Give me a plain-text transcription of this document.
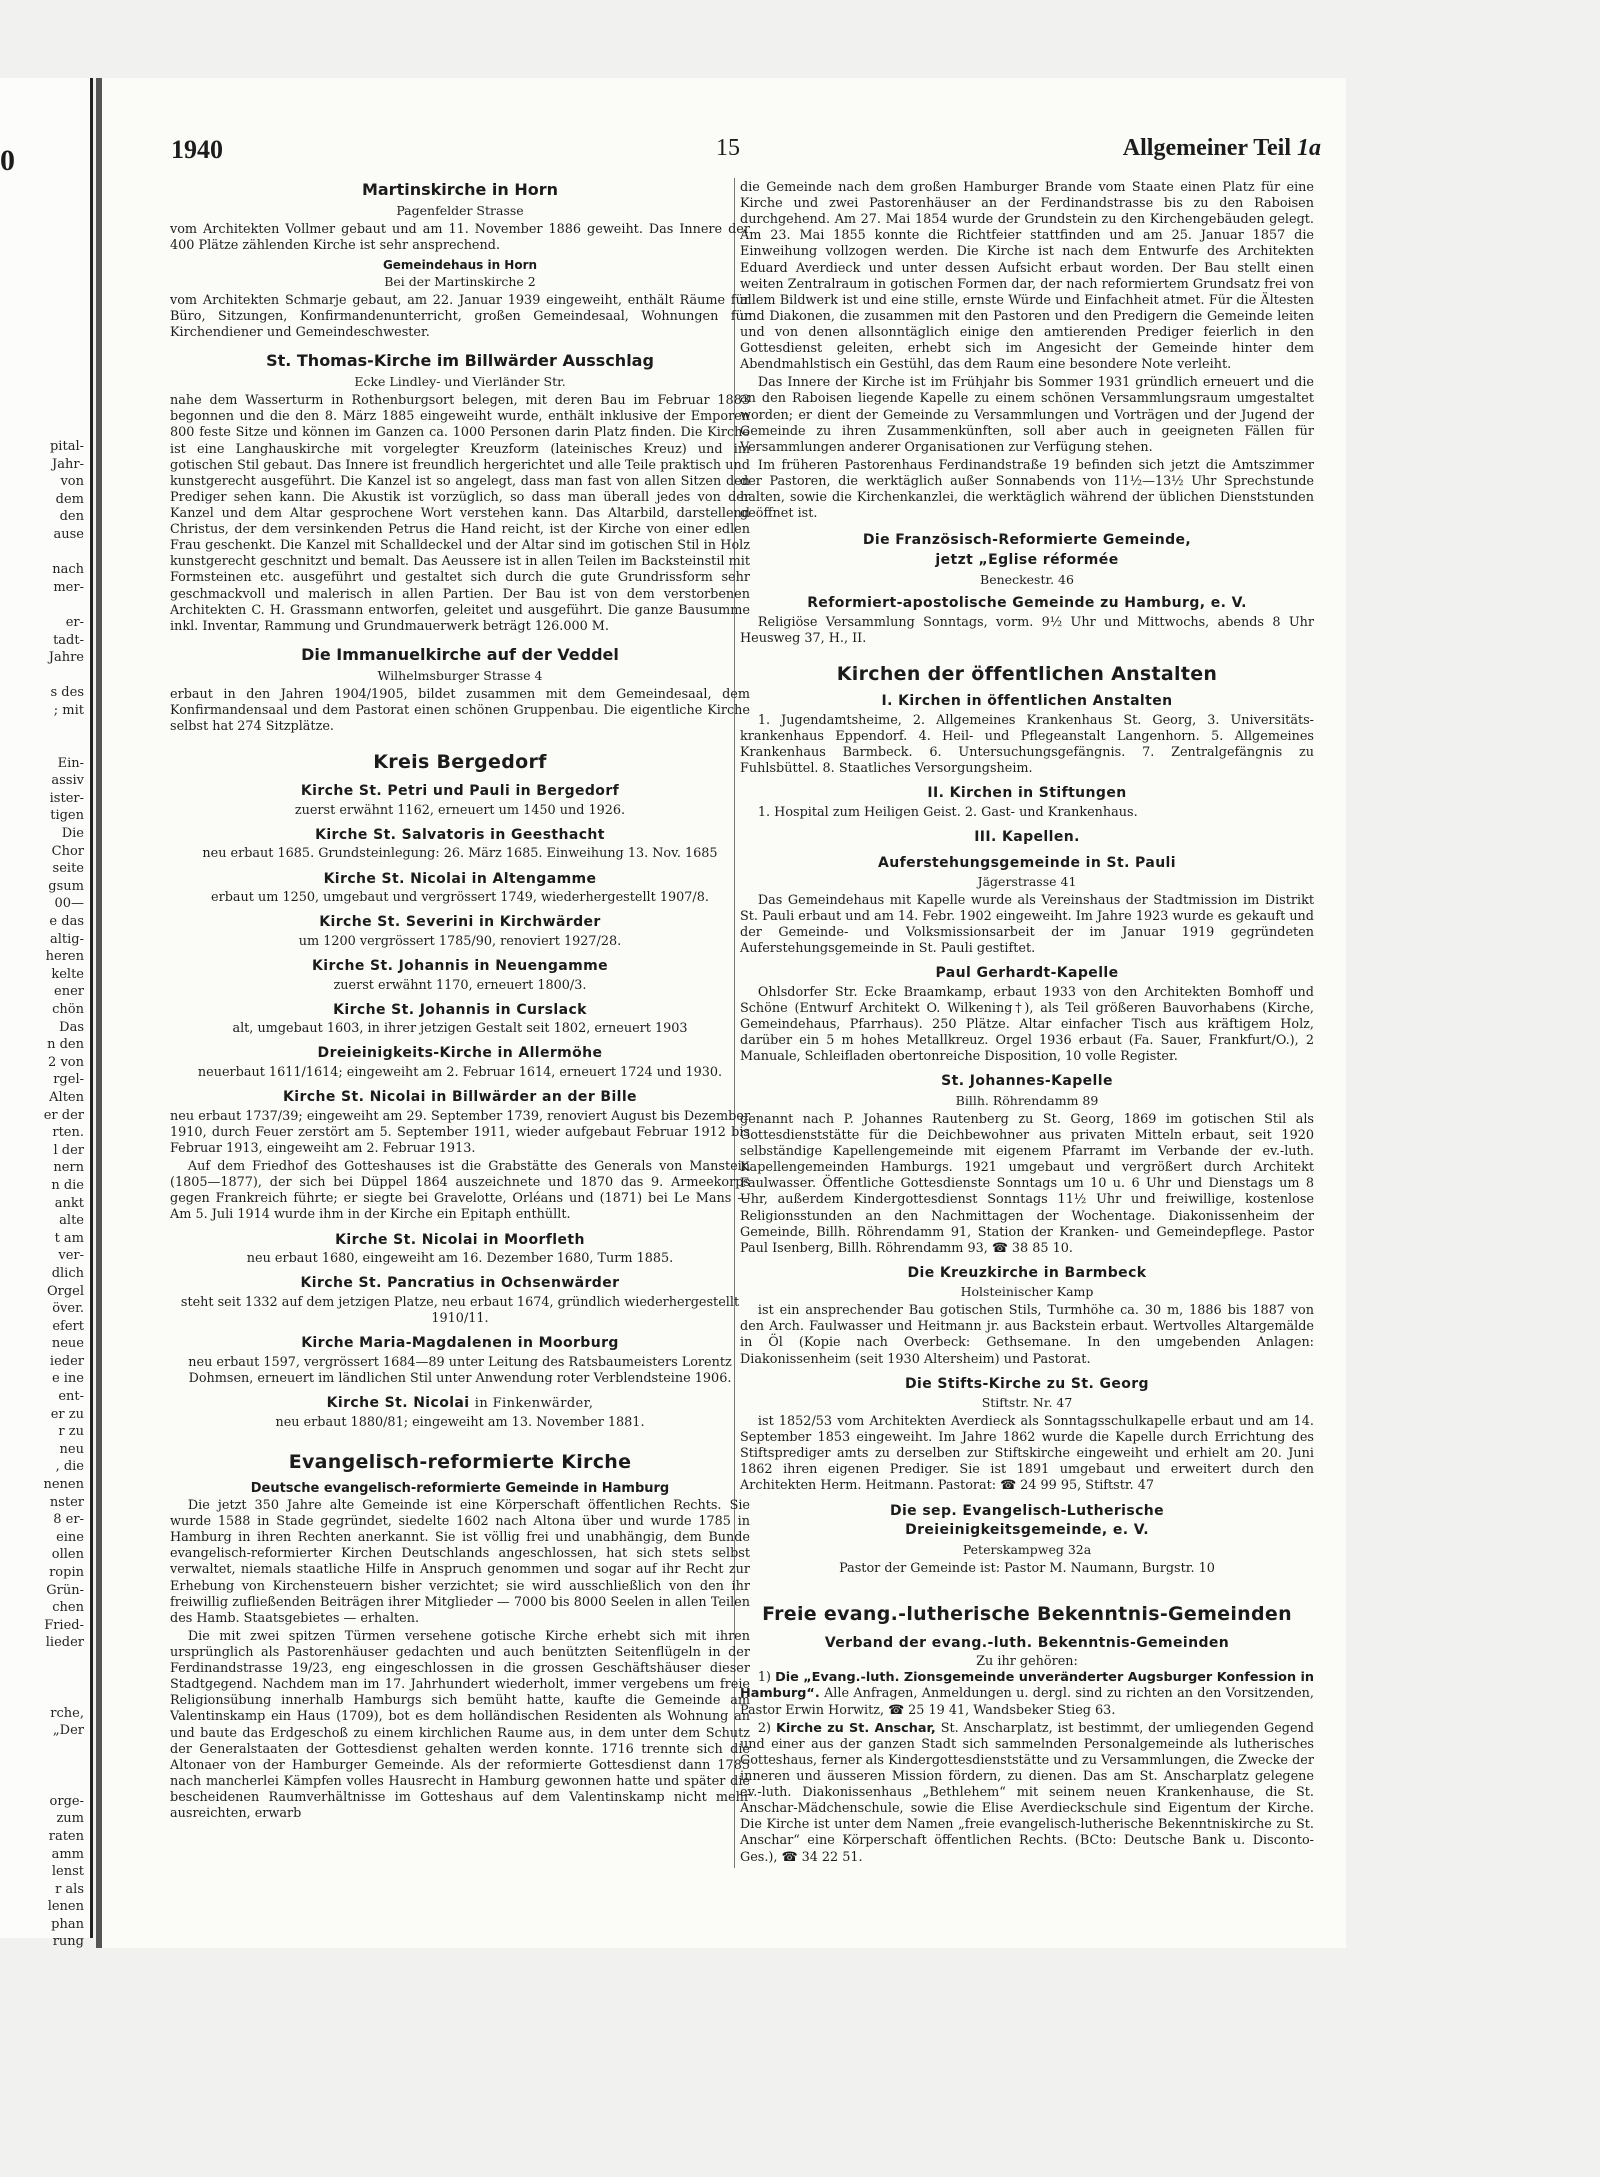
0
pital-
Jahr-
von
dem
den
ause

nach
mer-

er-
tadt-
Jahre

s des
; mit

Ein-
assiv
ister-
tigen
Die
Chor
seite
gsum
00—
e das
altig-
heren
kelte
ener
chön
Das
n den
2 von
rgel-
Alten
er der
rten.
l der
nern
n die
ankt
alte
t am
ver-
dlich
Orgel
över.
efert
neue
ieder
e ine
ent-
er zu
r zu
neu
, die
nenen
nster
8 er-
eine
ollen
ropin
Grün-
chen
Fried-
lieder

rche,
„Der

orge-
zum
raten
amm
lenst
r als
lenen
phan
rung
1940	15	Allgemeiner Teil 1a
Martinskirche in Horn
Pagenfelder Strasse

vom Architekten Vollmer gebaut und am 11. November 1886 geweiht. Das Innere der 400 Plätze zählenden Kirche ist sehr ansprechend.

Gemeindehaus in Horn
Bei der Martinskirche 2

vom Architekten Schmarje gebaut, am 22. Januar 1939 eingeweiht, enthält Räume für Büro, Sitzungen, Konfirmandenunterricht, großen Gemeindesaal, Wohnungen für Kirchendiener und Gemeindeschwester.

St. Thomas-Kirche im Billwärder Ausschlag
Ecke Lindley- und Vierländer Str.

nahe dem Wasserturm in Rothenburgsort belegen, mit deren Bau im Februar 1883 begonnen und die den 8. März 1885 eingeweiht wurde, enthält inklusive der Emporen 800 feste Sitze und können im Ganzen ca. 1000 Personen darin Platz finden. Die Kirche ist eine Langhauskirche mit vorgelegter Kreuzform (lateinisches Kreuz) und im gotischen Stil gebaut. Das Innere ist freundlich hergerichtet und alle Teile praktisch und kunstgerecht ausgeführt. Die Kanzel ist so angelegt, dass man fast von allen Sitzen den Prediger sehen kann. Die Akustik ist vorzüglich, so dass man überall jedes von der Kanzel und dem Altar gesprochene Wort verstehen kann. Das Altarbild, darstellend Christus, der dem versinkenden Petrus die Hand reicht, ist der Kirche von einer edlen Frau geschenkt. Die Kanzel mit Schalldeckel und der Altar sind im gotischen Stil in Holz kunstgerecht geschnitzt und bemalt. Das Aeussere ist in allen Teilen im Backsteinstil mit Formsteinen etc. ausgeführt und gestaltet sich durch die gute Grundrissform sehr geschmackvoll und malerisch in allen Partien. Der Bau ist von dem verstorbenen Architekten C. H. Grassmann entworfen, geleitet und ausgeführt. Die ganze Bausumme inkl. Inventar, Rammung und Grundmauerwerk beträgt 126.000 M.

Die Immanuelkirche auf der Veddel
Wilhelmsburger Strasse 4

erbaut in den Jahren 1904/1905, bildet zusammen mit dem Gemeindesaal, dem Konfirmandensaal und dem Pastorat einen schönen Gruppenbau. Die eigentliche Kirche selbst hat 274 Sitzplätze.

Kreis Bergedorf
Kirche St. Petri und Pauli in Bergedorf
zuerst erwähnt 1162, erneuert um 1450 und 1926.
Kirche St. Salvatoris in Geesthacht
neu erbaut 1685. Grundsteinlegung: 26. März 1685. Einweihung 13. Nov. 1685
Kirche St. Nicolai in Altengamme
erbaut um 1250, umgebaut und vergrössert 1749, wiederhergestellt 1907/8.
Kirche St. Severini in Kirchwärder
um 1200 vergrössert 1785/90, renoviert 1927/28.
Kirche St. Johannis in Neuengamme
zuerst erwähnt 1170, erneuert 1800/3.
Kirche St. Johannis in Curslack
alt, umgebaut 1603, in ihrer jetzigen Gestalt seit 1802, erneuert 1903
Dreieinigkeits-Kirche in Allermöhe
neuerbaut 1611/1614; eingeweiht am 2. Februar 1614, erneuert 1724 und 1930.
Kirche St. Nicolai in Billwärder an der Bille

neu erbaut 1737/39; eingeweiht am 29. September 1739, renoviert August bis Dezember 1910, durch Feuer zerstört am 5. September 1911, wieder aufgebaut Februar 1912 bis Februar 1913, eingeweiht am 2. Februar 1913.

Auf dem Friedhof des Gotteshauses ist die Grabstätte des Generals von Manstein (1805—1877), der sich bei Düppel 1864 auszeichnete und 1870 das 9. Armeekorps gegen Frankreich führte; er siegte bei Gravelotte, Orléans und (1871) bei Le Mans — Am 5. Juli 1914 wurde ihm in der Kirche ein Epitaph enthüllt.

Kirche St. Nicolai in Moorfleth
neu erbaut 1680, eingeweiht am 16. Dezember 1680, Turm 1885.
Kirche St. Pancratius in Ochsenwärder
steht seit 1332 auf dem jetzigen Platze, neu erbaut 1674, gründlich wiederhergestellt 1910/11.
Kirche Maria-Magdalenen in Moorburg
neu erbaut 1597, vergrössert 1684—89 unter Leitung des Ratsbaumeisters Lorentz Dohmsen, erneuert im ländlichen Stil unter Anwendung roter Verblendsteine 1906.
Kirche St. Nicolai in Finkenwärder,
neu erbaut 1880/81; eingeweiht am 13. November 1881.
Evangelisch-reformierte Kirche
Deutsche evangelisch-reformierte Gemeinde in Hamburg

Die jetzt 350 Jahre alte Gemeinde ist eine Körperschaft öffentlichen Rechts. Sie wurde 1588 in Stade gegründet, siedelte 1602 nach Altona über und wurde 1785 in Hamburg in ihren Rechten anerkannt. Sie ist völlig frei und unabhängig, dem Bunde evangelisch-reformierter Kirchen Deutschlands angeschlossen, hat sich stets selbst verwaltet, niemals staatliche Hilfe in Anspruch genommen und sogar auf ihr Recht zur Erhebung von Kirchensteuern bisher verzichtet; sie wird ausschließlich von den ihr freiwillig zufließenden Beiträgen ihrer Mitglieder — 7000 bis 8000 Seelen in allen Teilen des Hamb. Staatsgebietes — erhalten.

Die mit zwei spitzen Türmen versehene gotische Kirche erhebt sich mit ihren ursprünglich als Pastorenhäuser gedachten und auch benützten Seitenflügeln in der Ferdinandstrasse 19/23, eng eingeschlossen in die grossen Geschäftshäuser dieser Stadtgegend. Nachdem man im 17. Jahrhundert wiederholt, immer vergebens um freie Religionsübung innerhalb Hamburgs sich bemüht hatte, kaufte die Gemeinde am Valentinskamp ein Haus (1709), bot es dem holländischen Residenten als Wohnung an und baute das Erdgeschoß zu einem kirchlichen Raume aus, in dem unter dem Schutz der Generalstaaten der Gottesdienst gehalten werden konnte. 1716 trennte sich die Altonaer von der Hamburger Gemeinde. Als der reformierte Gottesdienst dann 1785 nach mancherlei Kämpfen volles Hausrecht in Hamburg gewonnen hatte und später die bescheidenen Raumverhältnisse im Gotteshaus auf dem Valentinskamp nicht mehr ausreichten, erwarb

die Gemeinde nach dem großen Hamburger Brande vom Staate einen Platz für eine Kirche und zwei Pastorenhäuser an der Ferdinandstrasse bis zu den Raboisen durchgehend. Am 27. Mai 1854 wurde der Grundstein zu den Kirchengebäuden gelegt. Am 23. Mai 1855 konnte die Richtfeier stattfinden und am 25. Januar 1857 die Einweihung vollzogen werden. Die Kirche ist nach dem Entwurfe des Architekten Eduard Averdieck und unter dessen Aufsicht erbaut worden. Der Bau stellt einen weiten Zentralraum in gotischen Formen dar, der nach reformiertem Grundsatz frei von allem Bildwerk ist und eine stille, ernste Würde und Einfachheit atmet. Für die Ältesten und Diakonen, die zusammen mit den Pastoren und den Predigern die Gemeinde leiten und von denen allsonntäglich einige den amtierenden Prediger feierlich in den Gottesdienst geleiten, erhebt sich im Angesicht der Gemeinde hinter dem Abendmahlstisch ein Gestühl, das dem Raum eine besondere Note verleiht.

Das Innere der Kirche ist im Frühjahr bis Sommer 1931 gründlich erneuert und die an den Raboisen liegende Kapelle zu einem schönen Versammlungsraum umgestaltet worden; er dient der Gemeinde zu Versammlungen und Vorträgen und der Jugend der Gemeinde zu ihren Zusammenkünften, soll aber auch in geeigneten Fällen für Versammlungen anderer Organisationen zur Verfügung stehen.

Im früheren Pastorenhaus Ferdinandstraße 19 befinden sich jetzt die Amtszimmer der Pastoren, die werktäglich außer Sonnabends von 11½—13½ Uhr Sprechstunde halten, sowie die Kirchenkanzlei, die werktäglich während der üblichen Dienststunden geöffnet ist.

Die Französisch-Reformierte Gemeinde,
jetzt „Eglise réformée
Beneckestr. 46
Reformiert-apostolische Gemeinde zu Hamburg, e. V.

Religiöse Versammlung Sonntags, vorm. 9½ Uhr und Mittwochs, abends 8 Uhr Heusweg 37, H., II.

Kirchen der öffentlichen Anstalten
I. Kirchen in öffentlichen Anstalten

1. Jugendamtsheime, 2. Allgemeines Krankenhaus St. Georg, 3. Universitäts-krankenhaus Eppendorf. 4. Heil- und Pflegeanstalt Langenhorn. 5. Allgemeines Krankenhaus Barmbeck. 6. Untersuchungsgefängnis. 7. Zentralgefängnis zu Fuhlsbüttel. 8. Staatliches Versorgungsheim.

II. Kirchen in Stiftungen

1. Hospital zum Heiligen Geist. 2. Gast- und Krankenhaus.

III. Kapellen.
Auferstehungsgemeinde in St. Pauli
Jägerstrasse 41

Das Gemeindehaus mit Kapelle wurde als Vereinshaus der Stadtmission im Distrikt St. Pauli erbaut und am 14. Febr. 1902 eingeweiht. Im Jahre 1923 wurde es gekauft und der Gemeinde- und Volksmissionsarbeit der im Januar 1919 gegründeten Auferstehungsgemeinde in St. Pauli gestiftet.

Paul Gerhardt-Kapelle

Ohlsdorfer Str. Ecke Braamkamp, erbaut 1933 von den Architekten Bomhoff und Schöne (Entwurf Architekt O. Wilkening†), als Teil größeren Bauvorhabens (Kirche, Gemeindehaus, Pfarrhaus). 250 Plätze. Altar einfacher Tisch aus kräftigem Holz, darüber ein 5 m hohes Metallkreuz. Orgel 1936 erbaut (Fa. Sauer, Frankfurt/O.), 2 Manuale, Schleifladen obertonreiche Disposition, 10 volle Register.

St. Johannes-Kapelle
Billh. Röhrendamm 89

genannt nach P. Johannes Rautenberg zu St. Georg, 1869 im gotischen Stil als Gottesdienststätte für die Deichbewohner aus privaten Mitteln erbaut, seit 1920 selbständige Kapellengemeinde mit eigenem Pfarramt im Verbande der ev.-luth. Kapellengemeinden Hamburgs. 1921 umgebaut und vergrößert durch Architekt Faulwasser. Öffentliche Gottesdienste Sonntags um 10 u. 6 Uhr und Dienstags um 8 Uhr, außerdem Kindergottesdienst Sonntags 11½ Uhr und freiwillige, kostenlose Religionsstunden an den Nachmittagen der Wochentage. Diakonissenheim der Gemeinde, Billh. Röhrendamm 91, Station der Kranken- und Gemeindepflege. Pastor Paul Isenberg, Billh. Röhrendamm 93, ☎ 38 85 10.

Die Kreuzkirche in Barmbeck
Holsteinischer Kamp

ist ein ansprechender Bau gotischen Stils, Turmhöhe ca. 30 m, 1886 bis 1887 von den Arch. Faulwasser und Heitmann jr. aus Backstein erbaut. Wertvolles Altargemälde in Öl (Kopie nach Overbeck: Gethsemane. In den umgebenden Anlagen: Diakonissenheim (seit 1930 Altersheim) und Pastorat.

Die Stifts-Kirche zu St. Georg
Stiftstr. Nr. 47

ist 1852/53 vom Architekten Averdieck als Sonntagsschulkapelle erbaut und am 14. September 1853 eingeweiht. Im Jahre 1862 wurde die Kapelle durch Errichtung des Stiftsprediger amts zu derselben zur Stiftskirche eingeweiht und erhielt am 20. Juni 1862 ihren eigenen Prediger. Sie ist 1891 umgebaut und erweitert durch den Architekten Herm. Heitmann. Pastorat: ☎ 24 99 95, Stiftstr. 47

Die sep. Evangelisch-Lutherische
Dreieinigkeitsgemeinde, e. V.
Peterskampweg 32a
Pastor der Gemeinde ist: Pastor M. Naumann, Burgstr. 10
Freie evang.-lutherische Bekenntnis-Gemeinden
Verband der evang.-luth. Bekenntnis-Gemeinden
Zu ihr gehören:

1) Die „Evang.-luth. Zionsgemeinde unveränderter Augsburger Konfession in Hamburg“. Alle Anfragen, Anmeldungen u. dergl. sind zu richten an den Vorsitzenden, Pastor Erwin Horwitz, ☎ 25 19 41, Wandsbeker Stieg 63.

2) Kirche zu St. Anschar, St. Anscharplatz, ist bestimmt, der umliegenden Gegend und einer aus der ganzen Stadt sich sammelnden Personalgemeinde als lutherisches Gotteshaus, ferner als Kindergottesdienststätte und zu Versammlungen, die Zwecke der inneren und äusseren Mission fördern, zu dienen. Das am St. Anscharplatz gelegene ev.-luth. Diakonissenhaus „Bethlehem“ mit seinem neuen Krankenhause, die St. Anschar-Mädchenschule, sowie die Elise Averdieckschule sind Eigentum der Kirche. Die Kirche ist unter dem Namen „freie evangelisch-lutherische Bekenntniskirche zu St. Anschar“ eine Körperschaft öffentlichen Rechts. (BCto: Deutsche Bank u. Disconto-Ges.), ☎ 34 22 51.
